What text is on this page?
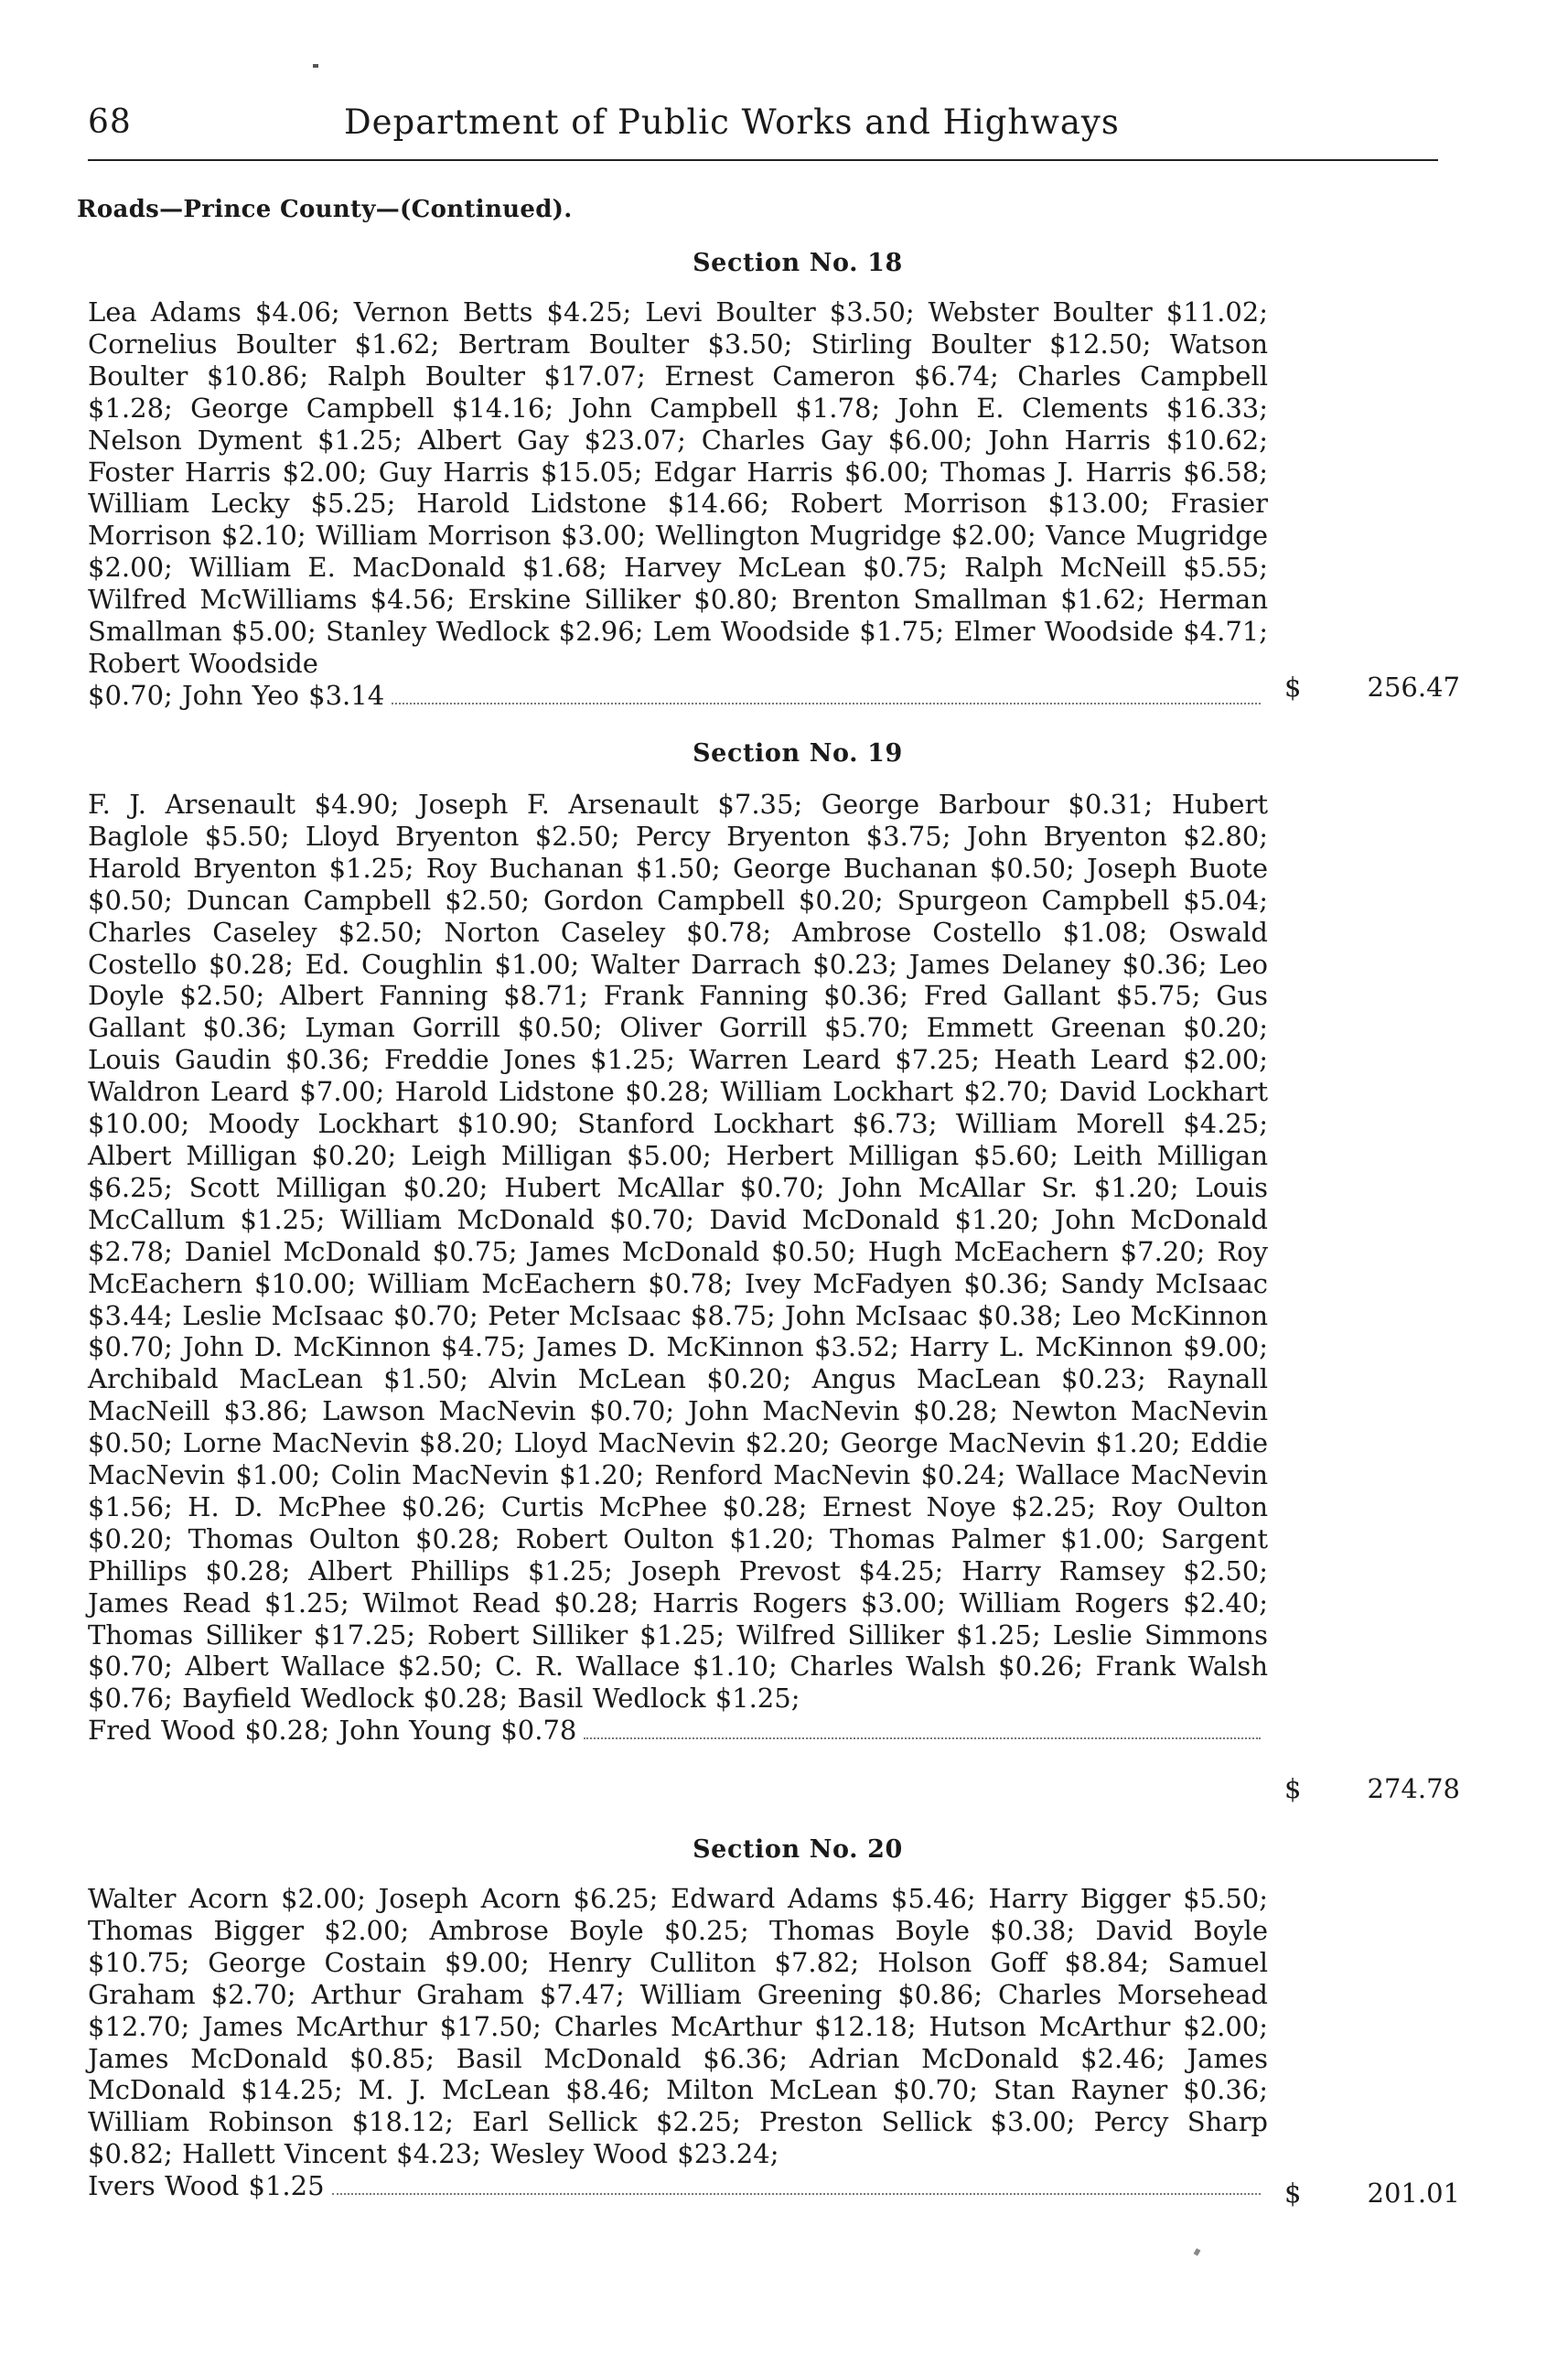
68	Department of Public Works and Highways
Roads—Prince County—(Continued).
Section No. 18
Lea Adams $4.06; Vernon Betts $4.25; Levi Boulter $3.50; Webster Boulter $11.02; Cornelius Boulter $1.62; Bertram Boulter $3.50; Stirling Boulter $12.50; Watson Boulter $10.86; Ralph Boulter $17.07; Ernest Cameron $6.74; Charles Campbell $1.28; George Campbell $14.16; John Campbell $1.78; John E. Clements $16.33; Nelson Dyment $1.25; Albert Gay $23.07; Charles Gay $6.00; John Harris $10.62; Foster Harris $2.00; Guy Harris $15.05; Edgar Harris $6.00; Thomas J. Harris $6.58; William Lecky $5.25; Harold Lidstone $14.66; Robert Morrison $13.00; Frasier Morrison $2.10; William Morrison $3.00; Wellington Mugridge $2.00; Vance Mugridge $2.00; William E. MacDonald $1.68; Harvey McLean $0.75; Ralph McNeill $5.55; Wilfred McWilliams $4.56; Erskine Silliker $0.80; Brenton Smallman $1.62; Herman Smallman $5.00; Stanley Wedlock $2.96; Lem Woodside $1.75; Elmer Woodside $4.71; Robert Woodside
$0.70; John Yeo $3.14	$ 256.47
Section No. 19
F. J. Arsenault $4.90; Joseph F. Arsenault $7.35; George Barbour $0.31; Hubert Baglole $5.50; Lloyd Bryenton $2.50; Percy Bryenton $3.75; John Bryenton $2.80; Harold Bryenton $1.25; Roy Buchanan $1.50; George Buchanan $0.50; Joseph Buote $0.50; Duncan Campbell $2.50; Gordon Campbell $0.20; Spurgeon Campbell $5.04; Charles Caseley $2.50; Norton Caseley $0.78; Ambrose Costello $1.08; Oswald Costello $0.28; Ed. Coughlin $1.00; Walter Darrach $0.23; James Delaney $0.36; Leo Doyle $2.50; Albert Fanning $8.71; Frank Fanning $0.36; Fred Gallant $5.75; Gus Gallant $0.36; Lyman Gorrill $0.50; Oliver Gorrill $5.70; Emmett Greenan $0.20; Louis Gaudin $0.36; Freddie Jones $1.25; Warren Leard $7.25; Heath Leard $2.00; Waldron Leard $7.00; Harold Lidstone $0.28; William Lockhart $2.70; David Lockhart $10.00; Moody Lockhart $10.90; Stanford Lockhart $6.73; William Morell $4.25; Albert Milligan $0.20; Leigh Milligan $5.00; Herbert Milligan $5.60; Leith Milligan $6.25; Scott Milligan $0.20; Hubert McAllar $0.70; John McAllar Sr. $1.20; Louis McCallum $1.25; William McDonald $0.70; David McDonald $1.20; John McDonald $2.78; Daniel McDonald $0.75; James McDonald $0.50; Hugh McEachern $7.20; Roy McEachern $10.00; William McEachern $0.78; Ivey McFadyen $0.36; Sandy McIsaac $3.44; Leslie McIsaac $0.70; Peter McIsaac $8.75; John McIsaac $0.38; Leo McKinnon $0.70; John D. McKinnon $4.75; James D. McKinnon $3.52; Harry L. McKinnon $9.00; Archibald MacLean $1.50; Alvin McLean $0.20; Angus MacLean $0.23; Raynall MacNeill $3.86; Lawson MacNevin $0.70; John MacNevin $0.28; Newton MacNevin $0.50; Lorne MacNevin $8.20; Lloyd MacNevin $2.20; George MacNevin $1.20; Eddie MacNevin $1.00; Colin MacNevin $1.20; Renford MacNevin $0.24; Wallace MacNevin $1.56; H. D. McPhee $0.26; Curtis McPhee $0.28; Ernest Noye $2.25; Roy Oulton $0.20; Thomas Oulton $0.28; Robert Oulton $1.20; Thomas Palmer $1.00; Sargent Phillips $0.28; Albert Phillips $1.25; Joseph Prevost $4.25; Harry Ramsey $2.50; James Read $1.25; Wilmot Read $0.28; Harris Rogers $3.00; William Rogers $2.40; Thomas Silliker $17.25; Robert Silliker $1.25; Wilfred Silliker $1.25; Leslie Simmons $0.70; Albert Wallace $2.50; C. R. Wallace $1.10; Charles Walsh $0.26; Frank Walsh $0.76; Bayfield Wedlock $0.28; Basil Wedlock $1.25;
Fred Wood $0.28; John Young $0.78
$ 274.78
Section No. 20
Walter Acorn $2.00; Joseph Acorn $6.25; Edward Adams $5.46; Harry Bigger $5.50; Thomas Bigger $2.00; Ambrose Boyle $0.25; Thomas Boyle $0.38; David Boyle $10.75; George Costain $9.00; Henry Culliton $7.82; Holson Goff $8.84; Samuel Graham $2.70; Arthur Graham $7.47; William Greening $0.86; Charles Morsehead $12.70; James McArthur $17.50; Charles McArthur $12.18; Hutson McArthur $2.00; James McDonald $0.85; Basil McDonald $6.36; Adrian McDonald $2.46; James McDonald $14.25; M. J. McLean $8.46; Milton McLean $0.70; Stan Rayner $0.36; William Robinson $18.12; Earl Sellick $2.25; Preston Sellick $3.00; Percy Sharp $0.82; Hallett Vincent $4.23; Wesley Wood $23.24;
Ivers Wood $1.25	$ 201.01
